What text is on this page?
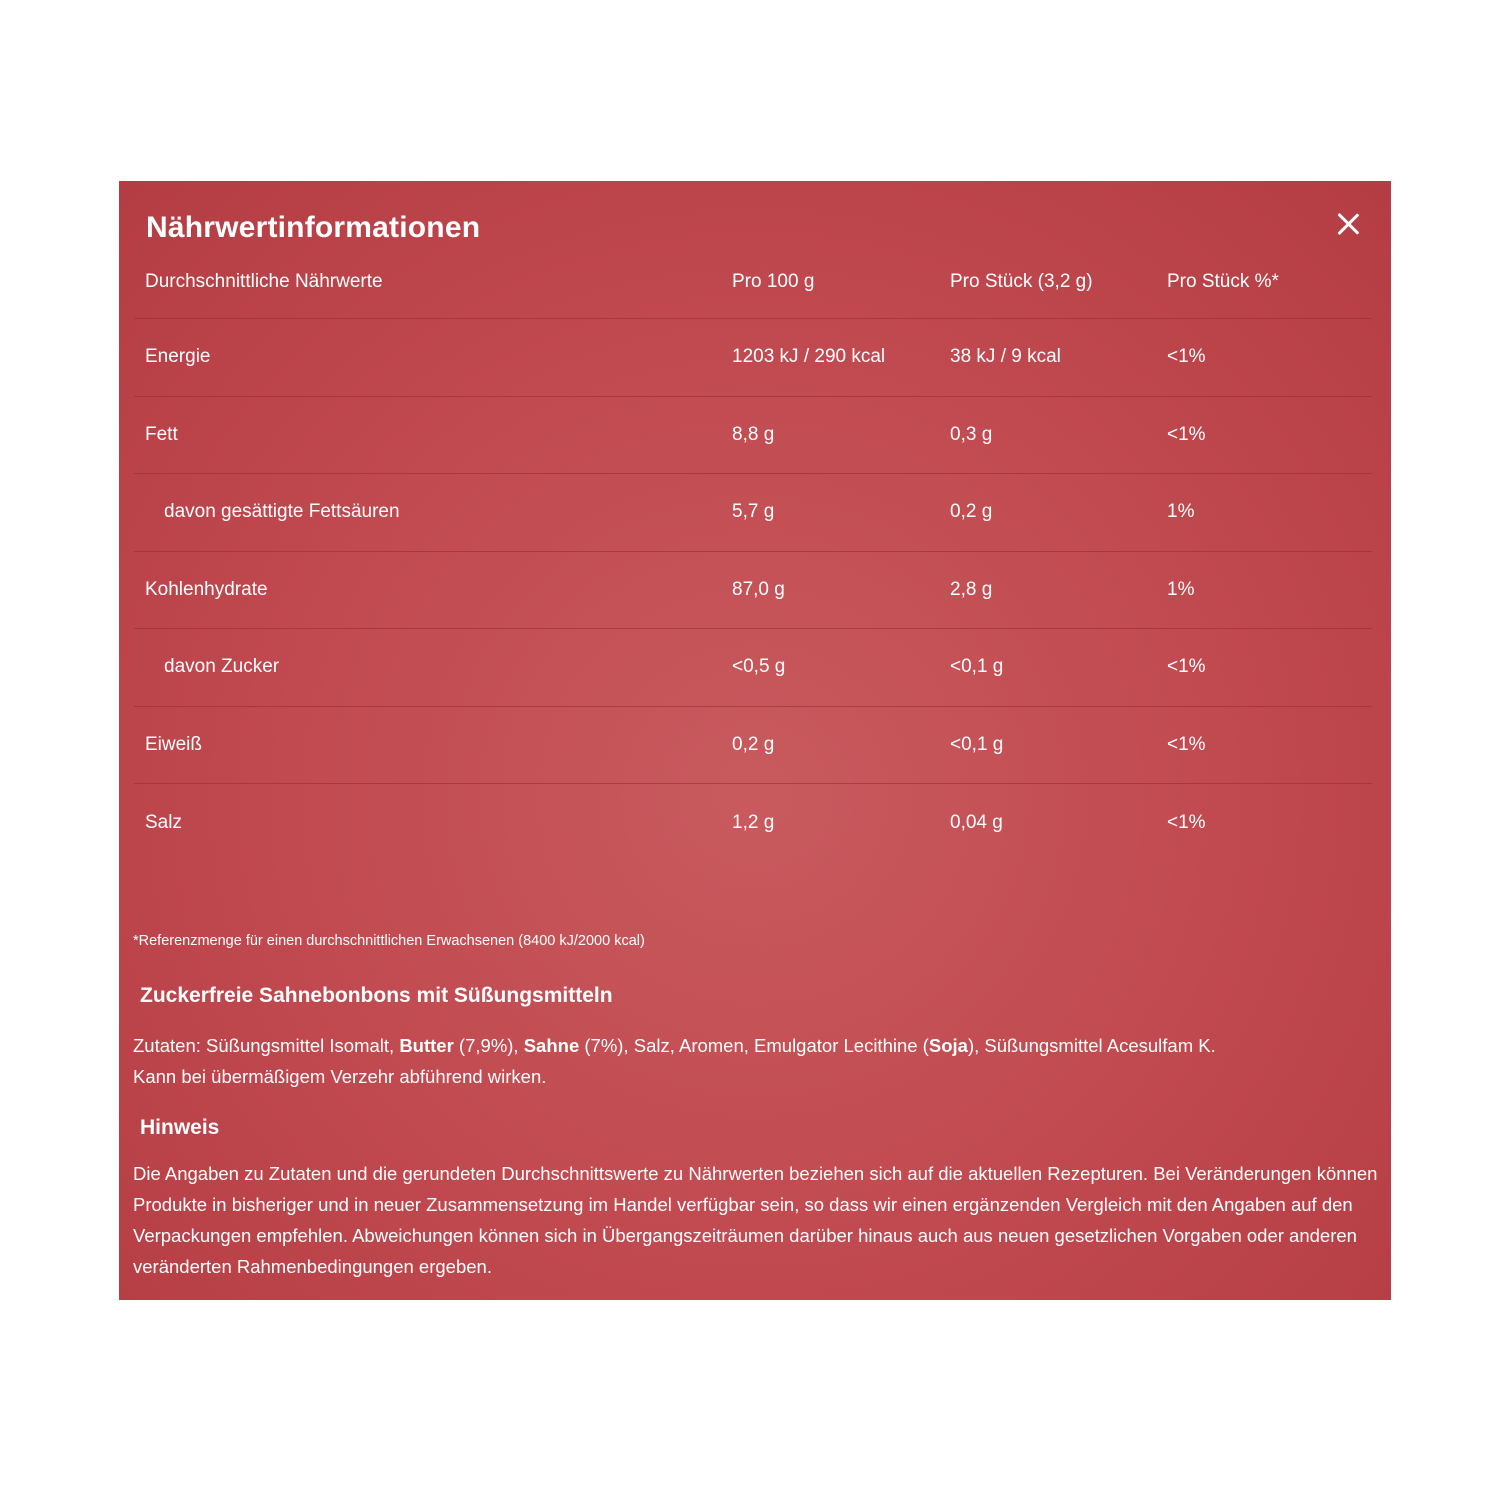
Nährwertinformationen
Durchschnittliche Nährwerte	Pro 100 g	Pro Stück (3,2 g)	Pro Stück %*
Energie	1203 kJ / 290 kcal	38 kJ / 9 kcal	<1%
Fett	8,8 g	0,3 g	<1%
davon gesättigte Fettsäuren	5,7 g	0,2 g	1%
Kohlenhydrate	87,0 g	2,8 g	1%
davon Zucker	<0,5 g	<0,1 g	<1%
Eiweiß	0,2 g	<0,1 g	<1%
Salz	1,2 g	0,04 g	<1%
*Referenzmenge für einen durchschnittlichen Erwachsenen (8400 kJ/2000 kcal)
Zuckerfreie Sahnebonbons mit Süßungsmitteln
Zutaten: Süßungsmittel Isomalt, Butter (7,9%), Sahne (7%), Salz, Aromen, Emulgator Lecithine (Soja), Süßungsmittel Acesulfam K.
Kann bei übermäßigem Verzehr abführend wirken.
Hinweis
Die Angaben zu Zutaten und die gerundeten Durchschnittswerte zu Nährwerten beziehen sich auf die aktuellen Rezepturen. Bei Veränderungen können Produkte in bisheriger und in neuer Zusammensetzung im Handel verfügbar sein, so dass wir einen ergänzenden Vergleich mit den Angaben auf den Verpackungen empfehlen. Abweichungen können sich in Übergangszeiträumen darüber hinaus auch aus neuen gesetzlichen Vorgaben oder anderen veränderten Rahmenbedingungen ergeben.
